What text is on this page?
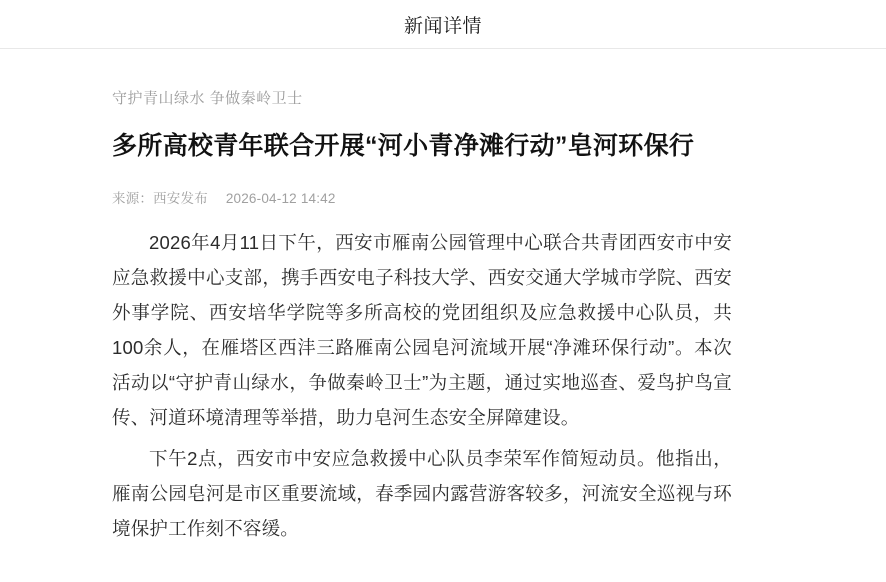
新闻详情
守护青山绿水 争做秦岭卫士
多所高校青年联合开展“河小青净滩行动”皂河环保行
来源：西安发布 2026-04-12 14:42

2026年4月11日下午，西安市雁南公园管理中心联合共青团西安市中安应急救援中心支部，携手西安电子科技大学、西安交通大学城市学院、西安外事学院、西安培华学院等多所高校的党团组织及应急救援中心队员，共100余人，在雁塔区西沣三路雁南公园皂河流域开展“净滩环保行动”。本次活动以“守护青山绿水，争做秦岭卫士”为主题，通过实地巡查、爱鸟护鸟宣传、河道环境清理等举措，助力皂河生态安全屏障建设。

下午2点，西安市中安应急救援中心队员李荣军作简短动员。他指出，雁南公园皂河是市区重要流域，春季园内露营游客较多，河流安全巡视与环境保护工作刻不容缓。
